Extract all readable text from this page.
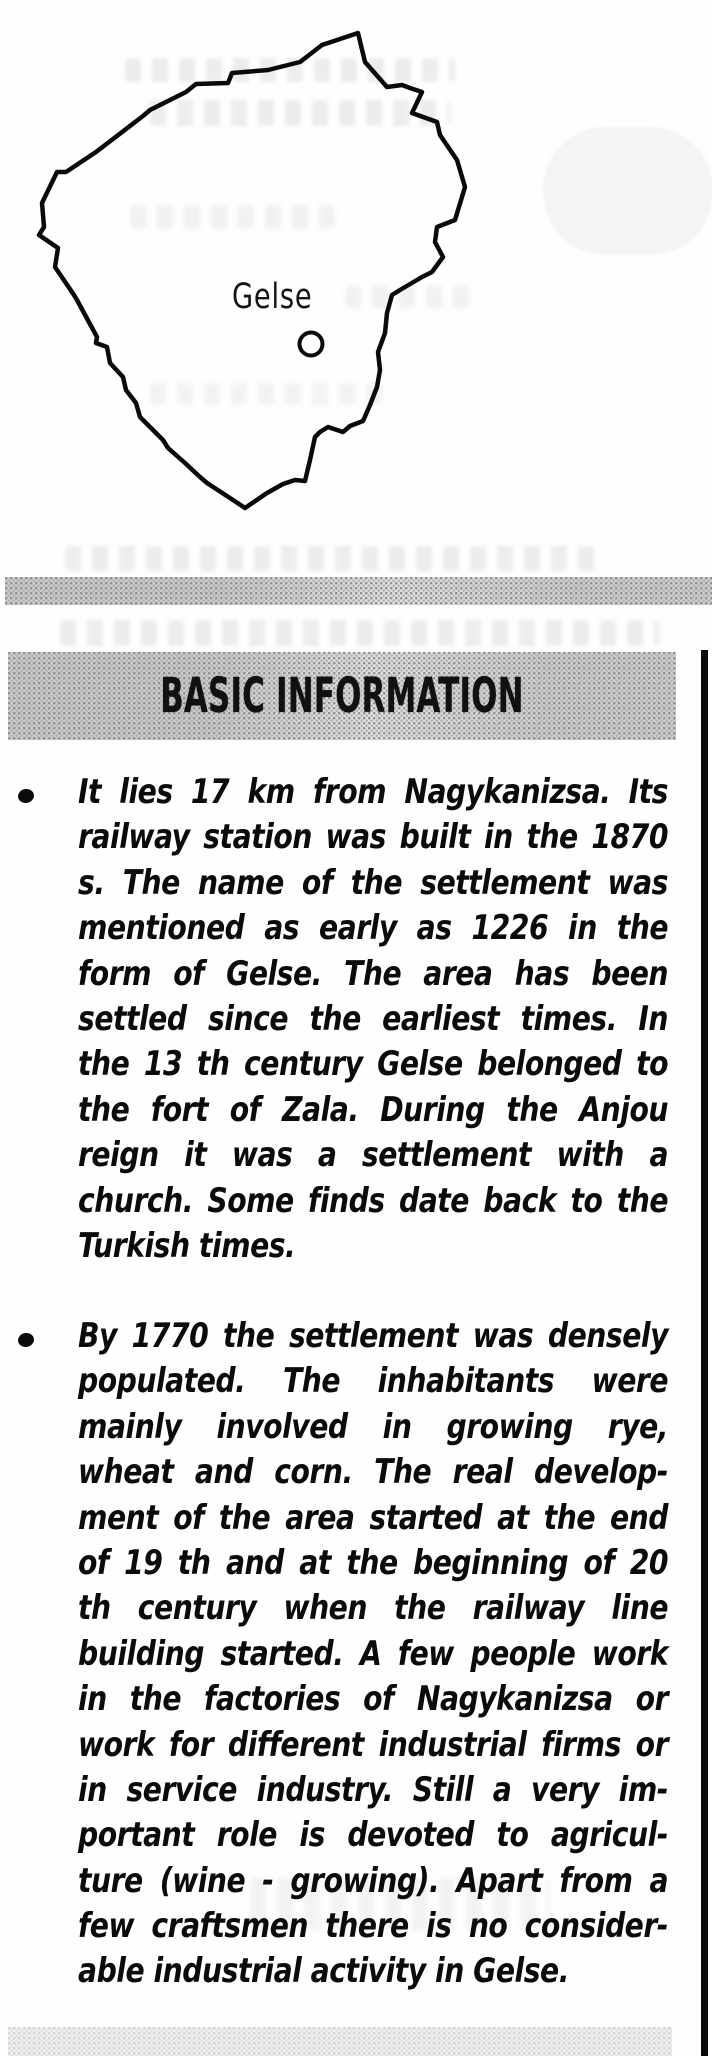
Gelse
BASIC INFORMATION
It lies 17 km from Nagykanizsa. Its
railway station was built in the 1870
s. The name of the settlement was
mentioned as early as 1226 in the
form of Gelse. The area has been
settled since the earliest times. In
the 13 th century Gelse belonged to
the fort of Zala. During the Anjou
reign it was a settlement with a
church. Some finds date back to the
Turkish times.
By 1770 the settlement was densely
populated. The inhabitants were
mainly involved in growing rye,
wheat and corn. The real develop-
ment of the area started at the end
of 19 th and at the beginning of 20
th century when the railway line
building started. A few people work
in the factories of Nagykanizsa or
work for different industrial firms or
in service industry. Still a very im-
portant role is devoted to agricul-
ture (wine - growing). Apart from a
few craftsmen there is no consider-
able industrial activity in Gelse.
